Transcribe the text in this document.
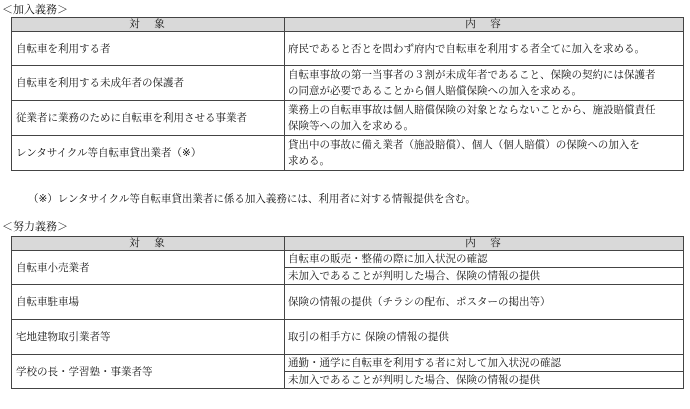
＜加入義務＞
対　象	内　容
自転車を利用する者	府民であると否とを問わず府内で自転車を利用する者全てに加入を求める。

自転車を利用する未成年者の保護者	自転車事故の第一当事者の３割が未成年者であること、保険の契約には保護者
の同意が必要であることから個人賠償保険への加入を求める。

従業者に業務のために自転車を利用させる事業者	業務上の自転車事故は個人賠償保険の対象とならないことから、施設賠償責任
保険等への加入を求める。

レンタサイクル等自転車貸出業者（※）	貸出中の事故に備え業者（施設賠償）、個人（個人賠償）の保険への加入を
求める。
（※）レンタサイクル等自転車貸出業者に係る加入義務には、利用者に対する情報提供を含む。
＜努力義務＞
対　象	内　容
自転車小売業者	自転車の販売・整備の際に加入状況の確認
	未加入であることが判明した場合、保険の情報の提供
自転車駐車場	保険の情報の提供（チラシの配布、ポスターの掲出等）
宅地建物取引業者等	取引の相手方に 保険の情報の提供
学校の長・学習塾・事業者等	通勤・通学に自転車を利用する者に対して加入状況の確認
	未加入であることが判明した場合、保険の情報の提供
